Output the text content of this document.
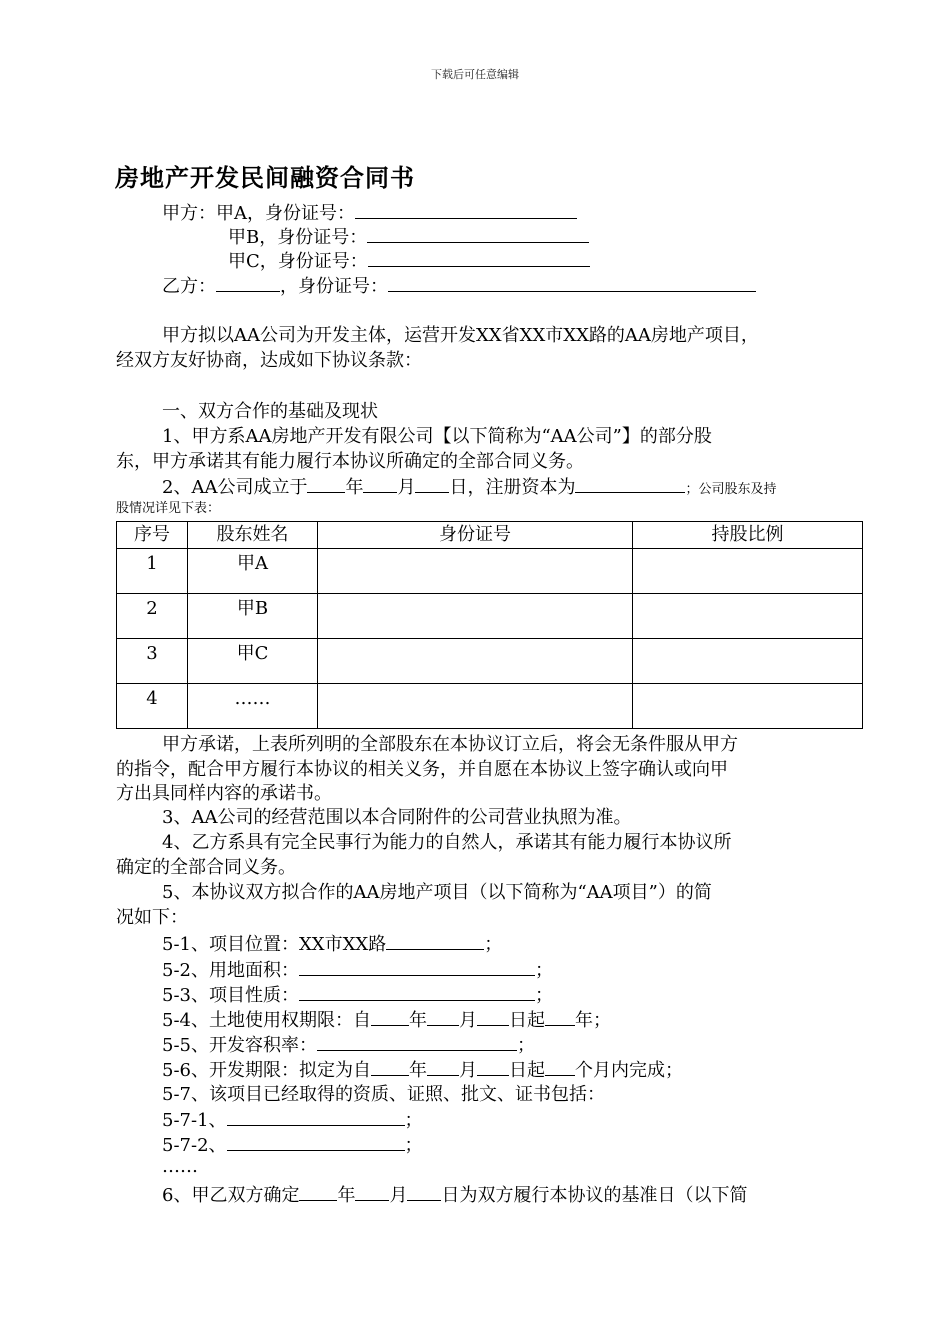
下载后可任意编辑
房地产开发民间融资合同书
甲方：甲A，身份证号：
甲B，身份证号：
甲C，身份证号：
乙方：	，身份证号：
甲方拟以AA公司为开发主体，运营开发XX省XX市XX路的AA房地产项目，
经双方友好协商，达成如下协议条款：
一、双方合作的基础及现状
1、甲方系AA房地产开发有限公司【以下简称为“AA公司”】的部分股
东，甲方承诺其有能力履行本协议所确定的全部合同义务。
2、AA公司成立于 年 月 日，注册资本为	；公司股东及持
股情况详见下表：
序号	股东姓名	身份证号	持股比例
1	甲A		
2	甲B		
3	甲C		
4	……		
甲方承诺，上表所列明的全部股东在本协议订立后，将会无条件服从甲方
的指令，配合甲方履行本协议的相关义务，并自愿在本协议上签字确认或向甲
方出具同样内容的承诺书。
3、AA公司的经营范围以本合同附件的公司营业执照为准。
4、乙方系具有完全民事行为能力的自然人，承诺其有能力履行本协议所
确定的全部合同义务。
5、本协议双方拟合作的AA房地产项目（以下简称为“AA项目”）的简
况如下：
5-1、项目位置：XX市XX路	；
5-2、用地面积：	；
5-3、项目性质：	；
5-4、土地使用权期限：自 年 月 日起 年；
5-5、开发容积率：	；
5-6、开发期限：拟定为自 年 月 日起 个月内完成；
5-7、该项目已经取得的资质、证照、批文、证书包括：
5-7-1、	；
5-7-2、	；
……
6、甲乙双方确定 年 月 日为双方履行本协议的基准日（以下简
